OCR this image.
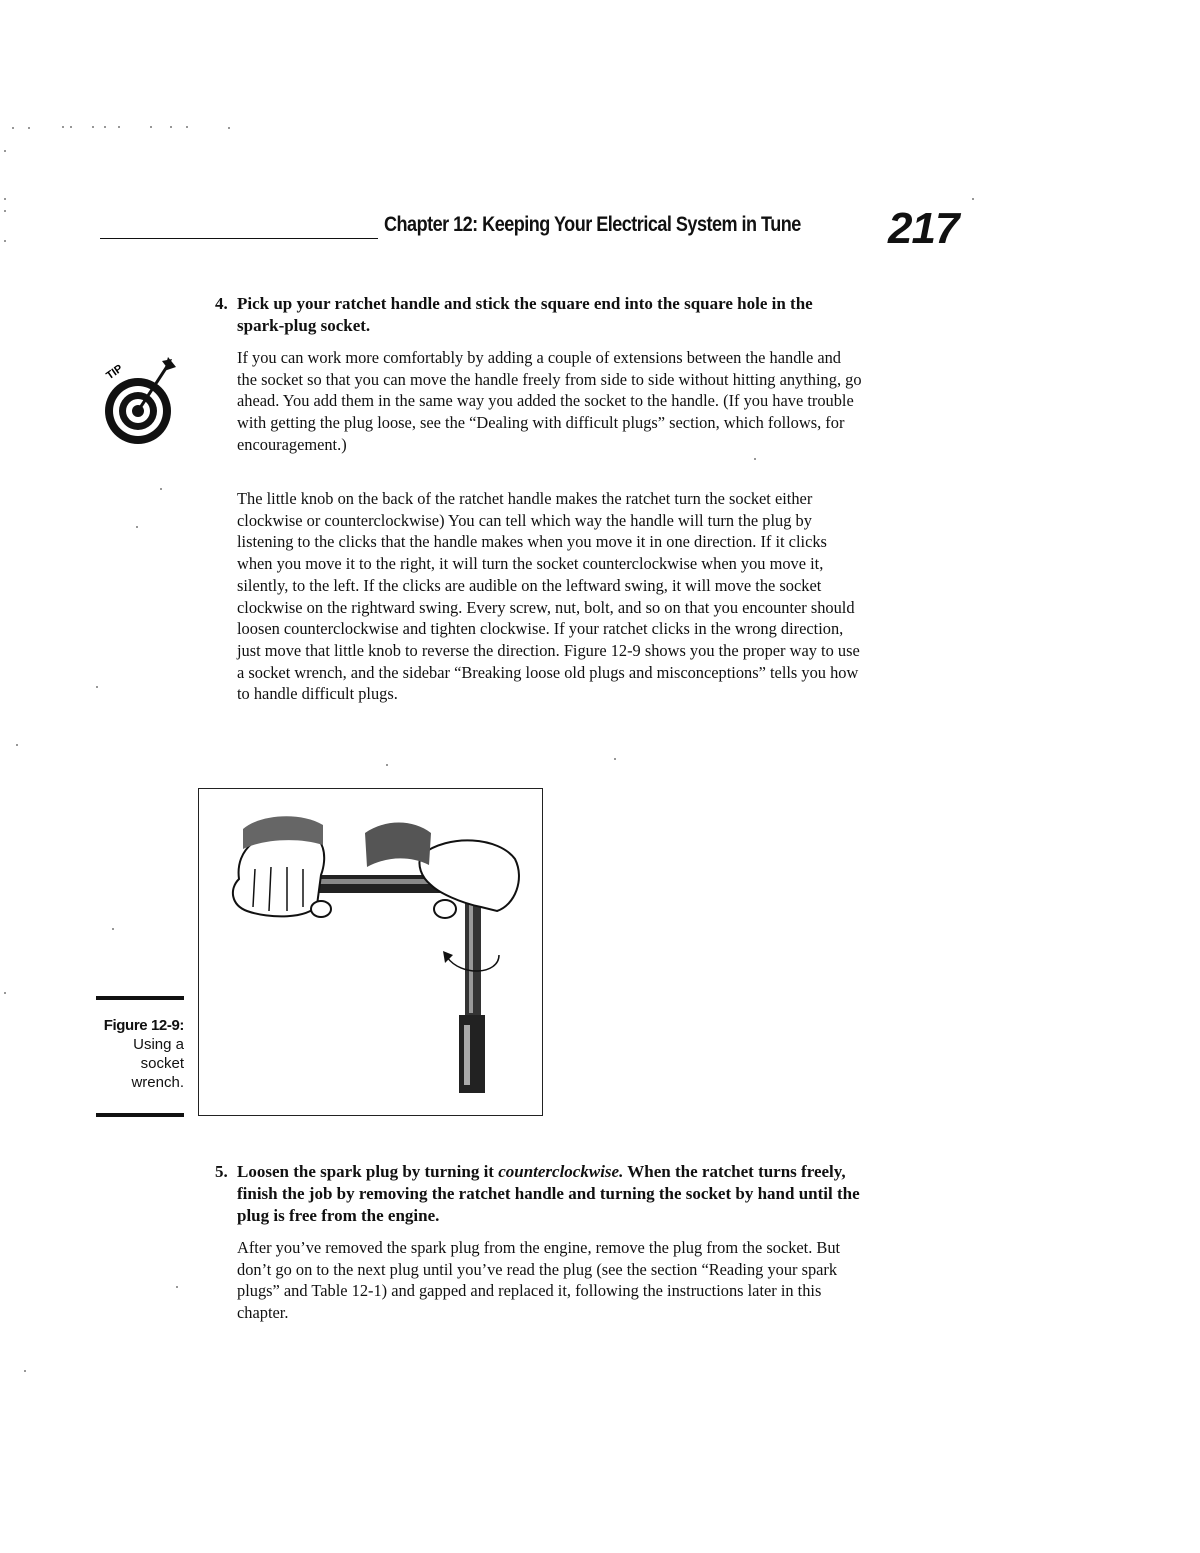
Chapter 12: Keeping Your Electrical System in Tune 217
4. Pick up your ratchet handle and stick the square end into the square hole in the spark-plug socket.
TIP
If you can work more comfortably by adding a couple of extensions between the handle and the socket so that you can move the handle freely from side to side without hitting anything, go ahead. You add them in the same way you added the socket to the handle. (If you have trouble with getting the plug loose, see the “Dealing with difficult plugs” section, which follows, for encouragement.)
The little knob on the back of the ratchet handle makes the ratchet turn the socket either clockwise or counterclockwise) You can tell which way the handle will turn the plug by listening to the clicks that the handle makes when you move it in one direction. If it clicks when you move it to the right, it will turn the socket counterclockwise when you move it, silently, to the left. If the clicks are audible on the leftward swing, it will move the socket clockwise on the rightward swing. Every screw, nut, bolt, and so on that you encounter should loosen counterclockwise and tighten clockwise. If your ratchet clicks in the wrong direction, just move that little knob to reverse the direction. Figure 12-9 shows you the proper way to use a socket wrench, and the sidebar “Breaking loose old plugs and misconceptions” tells you how to handle difficult plugs.
Figure 12-9:
Using a
socket
wrench.
5. Loosen the spark plug by turning it counterclockwise. When the ratchet turns freely, finish the job by removing the ratchet handle and turning the socket by hand until the plug is free from the engine.
After you’ve removed the spark plug from the engine, remove the plug from the socket. But don’t go on to the next plug until you’ve read the plug (see the section “Reading your spark plugs” and Table 12-1) and gapped and replaced it, following the instructions later in this chapter.
